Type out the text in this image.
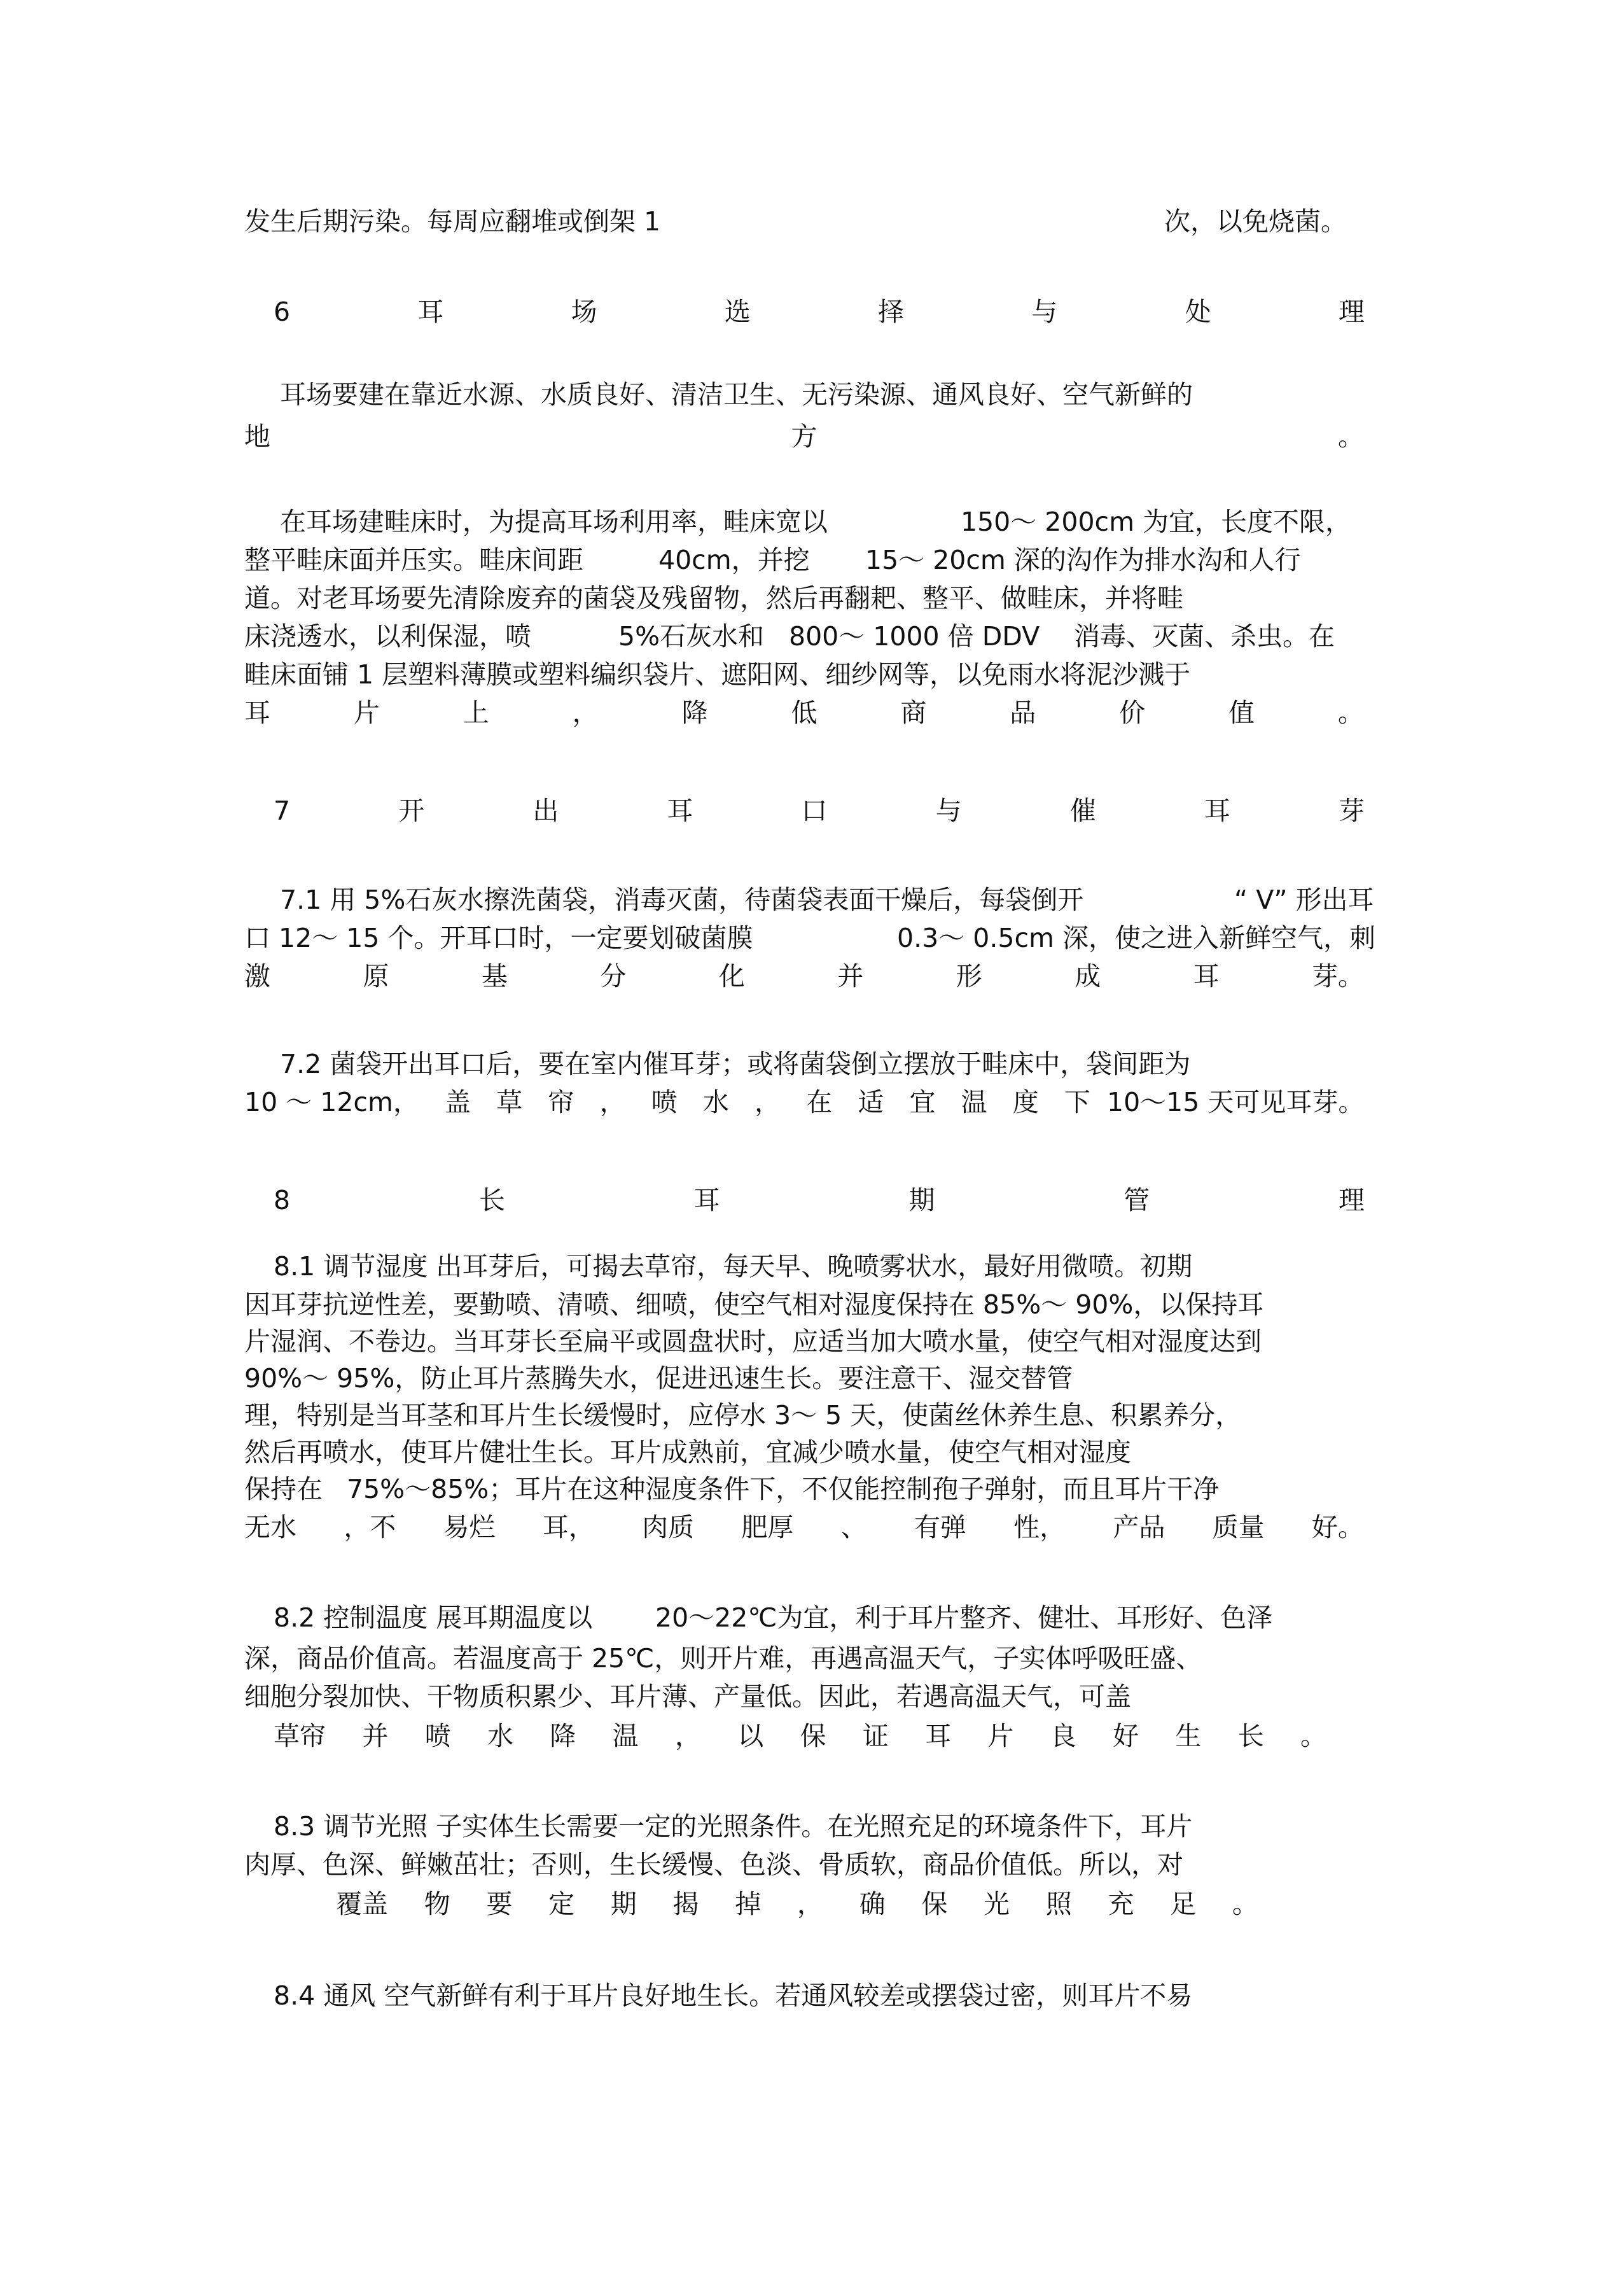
发生后期污染。每周应翻堆或倒架 1	次，以免烧菌。
6	耳	场	选	择	与	处	理
耳场要建在靠近水源、水质良好、清洁卫生、无污染源、通风良好、空气新鲜的
地	方	。
在耳场建畦床时，为提高耳场利用率，畦床宽以	150～ 200cm 为宜，长度不限，
整平畦床面并压实。畦床间距	40cm，并挖 15～ 20cm 深的沟作为排水沟和人行
道。对老耳场要先清除废弃的菌袋及残留物，然后再翻耙、整平、做畦床，并将畦
床浇透水，以利保湿，喷	5%石灰水和 800～ 1000 倍 DDV 消毒、灭菌、杀虫。在
畦床面铺 1 层塑料薄膜或塑料编织袋片、遮阳网、细纱网等，以免雨水将泥沙溅于
耳	片	上	，	降	低	商	品	价	值	。
7	开	出	耳	口	与	催	耳	芽
7.1 用 5%石灰水擦洗菌袋，消毒灭菌，待菌袋表面干燥后，每袋倒开	“ V” 形出耳
口 12～ 15 个。开耳口时，一定要划破菌膜	0.3～ 0.5cm 深，使之进入新鲜空气，刺
激	原	基	分	化	并	形	成	耳	芽。
7.2 菌袋开出耳口后，要在室内催耳芽；或将菌袋倒立摆放于畦床中，袋间距为
10 ～ 12cm， 盖 草 帘 ， 喷 水 ， 在 适 宜 温 度 下 10～15 天可见耳芽。
8	长	耳	期	管	理
8.1 调节湿度 出耳芽后，可揭去草帘，每天早、晚喷雾状水，最好用微喷。初期
因耳芽抗逆性差，要勤喷、清喷、细喷，使空气相对湿度保持在 85%～ 90%，以保持耳
片湿润、不卷边。当耳芽长至扁平或圆盘状时，应适当加大喷水量，使空气相对湿度达到
90%～ 95%，防止耳片蒸腾失水，促进迅速生长。要注意干、湿交替管
理，特别是当耳茎和耳片生长缓慢时，应停水 3～ 5 天，使菌丝休养生息、积累养分，
然后再喷水，使耳片健壮生长。耳片成熟前，宜减少喷水量，使空气相对湿度
保持在 75%～85%；耳片在这种湿度条件下，不仅能控制孢子弹射，而且耳片干净
无水 ，不 易烂 耳， 肉质 肥厚 、 有弹 性， 产品 质量 好。
8.2 控制温度 展耳期温度以 20～22℃为宜，利于耳片整齐、健壮、耳形好、色泽
深，商品价值高。若温度高于 25℃，则开片难，再遇高温天气，子实体呼吸旺盛、
细胞分裂加快、干物质积累少、耳片薄、产量低。因此，若遇高温天气，可盖
草帘 并 喷 水 降 温 ， 以 保 证 耳 片 良 好 生 长 。
8.3 调节光照 子实体生长需要一定的光照条件。在光照充足的环境条件下，耳片
肉厚、色深、鲜嫩茁壮；否则，生长缓慢、色淡、骨质软，商品价值低。所以，对
覆盖 物 要 定 期 揭 掉 ， 确 保 光 照 充 足 。
8.4 通风 空气新鲜有利于耳片良好地生长。若通风较差或摆袋过密，则耳片不易
